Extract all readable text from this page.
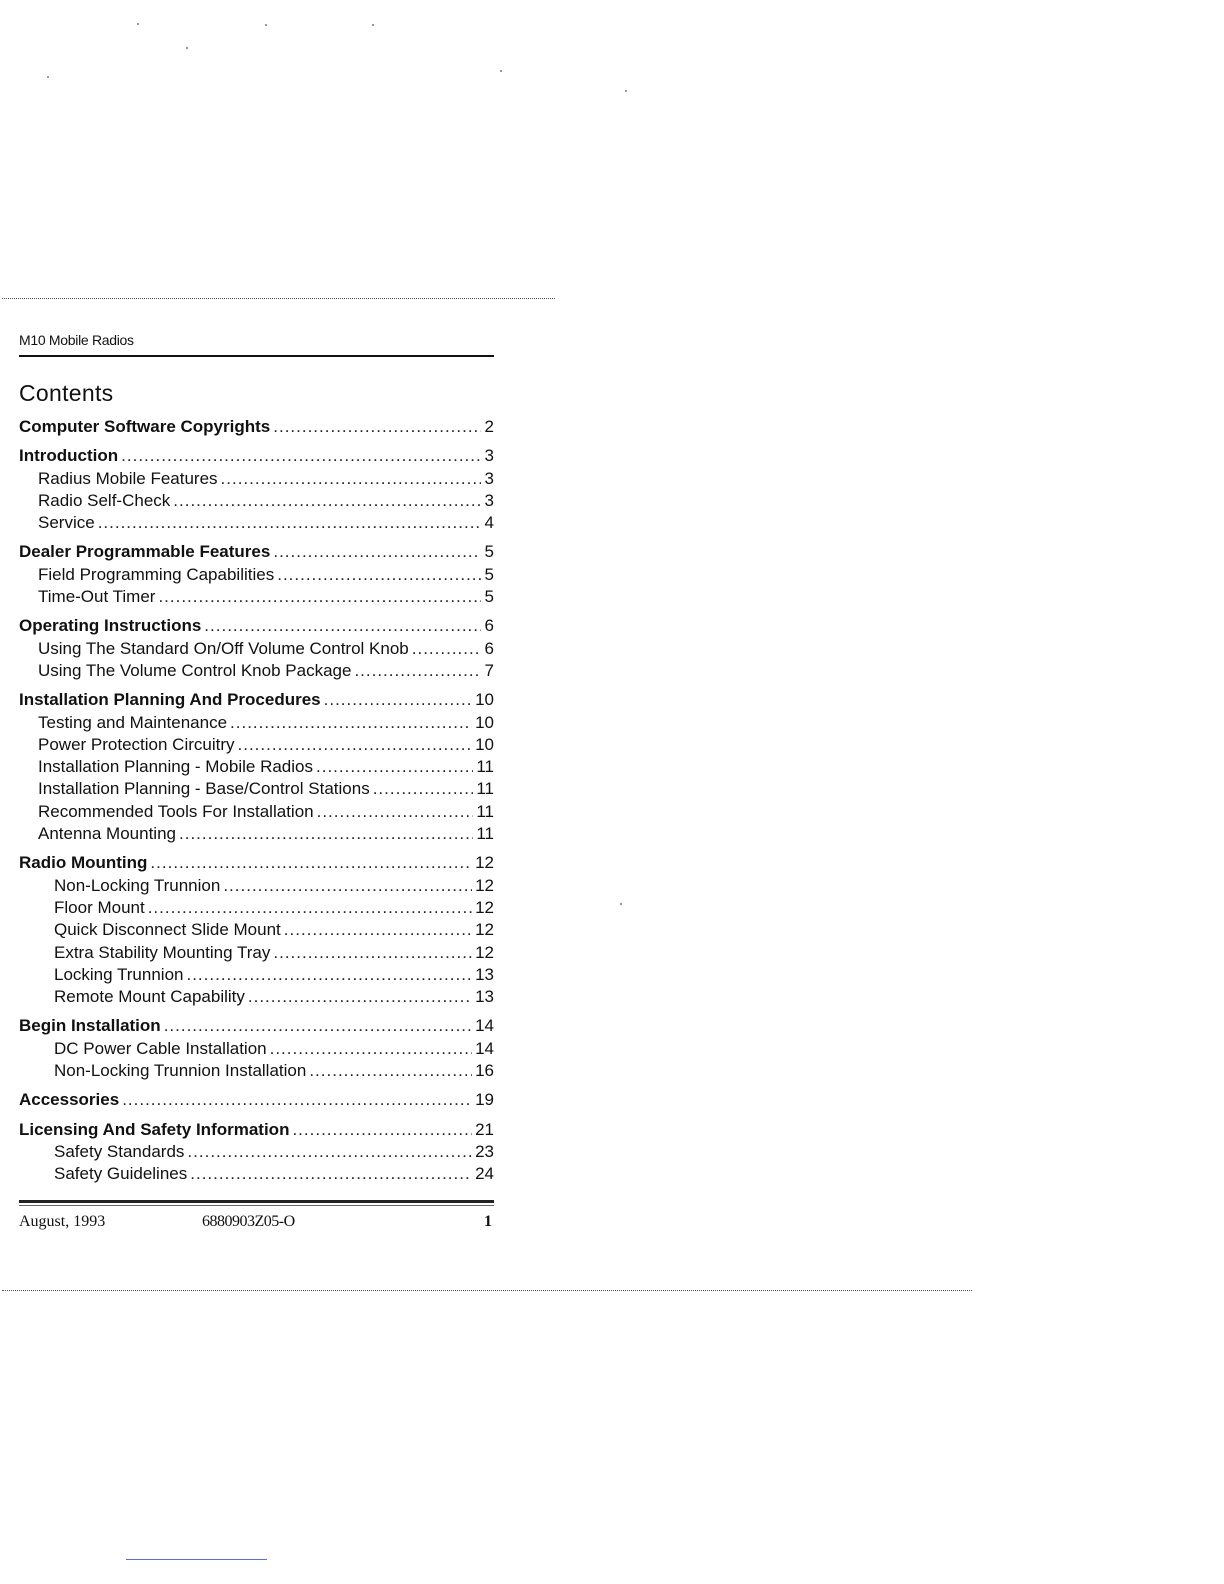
M10 Mobile Radios
Contents
Computer Software Copyrights .....	2
Introduction .....	3
Radius Mobile Features .....	3
Radio Self-Check .....	3
Service .....	4
Dealer Programmable Features .....	5
Field Programming Capabilities .....	5
Time-Out Timer .....	5
Operating Instructions .....	6
Using The Standard On/Off Volume Control Knob .....	6
Using The Volume Control Knob Package .....	7
Installation Planning And Procedures .....	10
Testing and Maintenance .....	10
Power Protection Circuitry .....	10
Installation Planning - Mobile Radios .....	11
Installation Planning - Base/Control Stations .....	11
Recommended Tools For Installation .....	11
Antenna Mounting .....	11
Radio Mounting .....	12
Non-Locking Trunnion .....	12
Floor Mount .....	12
Quick Disconnect Slide Mount .....	12
Extra Stability Mounting Tray .....	12
Locking Trunnion .....	13
Remote Mount Capability .....	13
Begin Installation .....	14
DC Power Cable Installation .....	14
Non-Locking Trunnion Installation .....	16
Accessories .....	19
Licensing And Safety Information .....	21
Safety Standards .....	23
Safety Guidelines .....	24
August, 1993	6880903Z05-O	1
